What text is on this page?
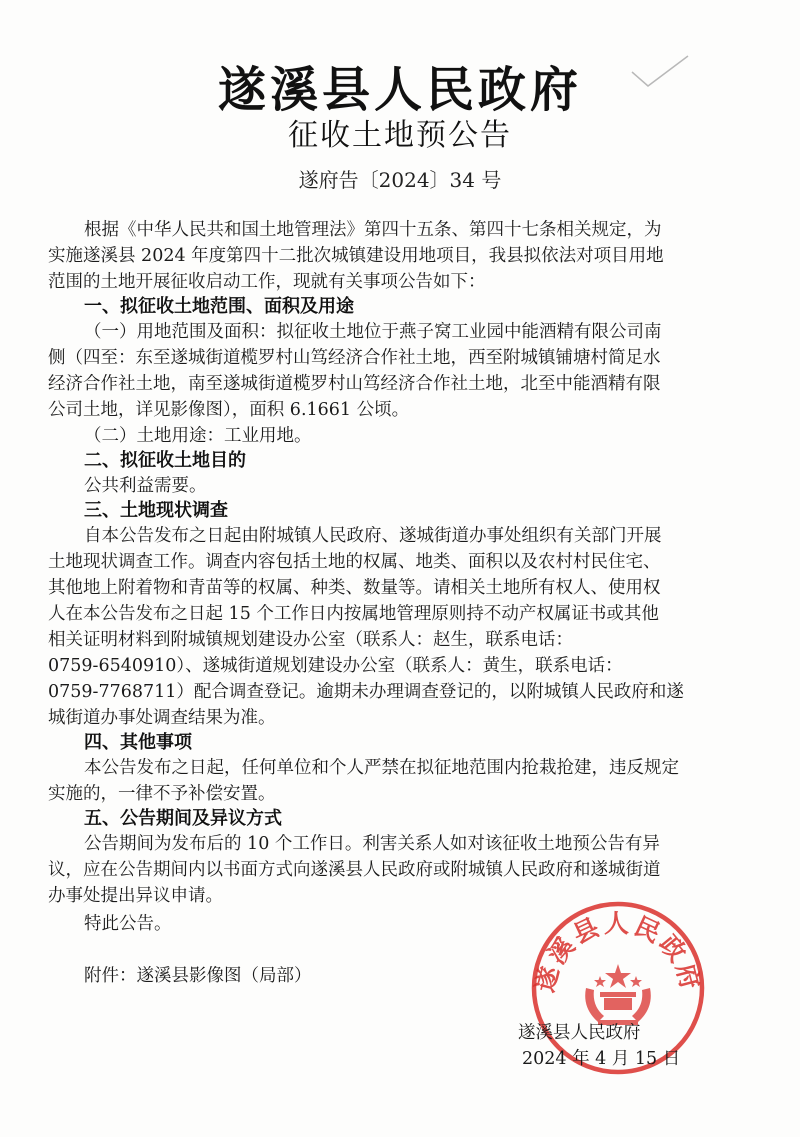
遂溪县人民政府
征收土地预公告
遂府告〔2024〕34 号
根据《中华人民共和国土地管理法》第四十五条、第四十七条相关规定，为
实施遂溪县 2024 年度第四十二批次城镇建设用地项目，我县拟依法对项目用地
范围的土地开展征收启动工作，现就有关事项公告如下：
一、拟征收土地范围、面积及用途
（一）用地范围及面积：拟征收土地位于燕子窝工业园中能酒精有限公司南
侧（四至：东至遂城街道榄罗村山笃经济合作社土地，西至附城镇铺塘村简足水
经济合作社土地，南至遂城街道榄罗村山笃经济合作社土地，北至中能酒精有限
公司土地，详见影像图），面积 6.1661 公顷。
（二）土地用途：工业用地。
二、拟征收土地目的
公共利益需要。
三、土地现状调查
自本公告发布之日起由附城镇人民政府、遂城街道办事处组织有关部门开展
土地现状调查工作。调查内容包括土地的权属、地类、面积以及农村村民住宅、
其他地上附着物和青苗等的权属、种类、数量等。请相关土地所有权人、使用权
人在本公告发布之日起 15 个工作日内按属地管理原则持不动产权属证书或其他
相关证明材料到附城镇规划建设办公室（联系人：赵生，联系电话：
0759-6540910）、遂城街道规划建设办公室（联系人：黄生，联系电话：
0759-7768711）配合调查登记。逾期未办理调查登记的，以附城镇人民政府和遂
城街道办事处调查结果为准。
四、其他事项
本公告发布之日起，任何单位和个人严禁在拟征地范围内抢栽抢建，违反规定
实施的，一律不予补偿安置。
五、公告期间及异议方式
公告期间为发布后的 10 个工作日。利害关系人如对该征收土地预公告有异
议，应在公告期间内以书面方式向遂溪县人民政府或附城镇人民政府和遂城街道
办事处提出异议申请。
特此公告。
附件：遂溪县影像图（局部）	遂溪县人民政府
遂溪县人民政府
2024 年 4 月 15 日
